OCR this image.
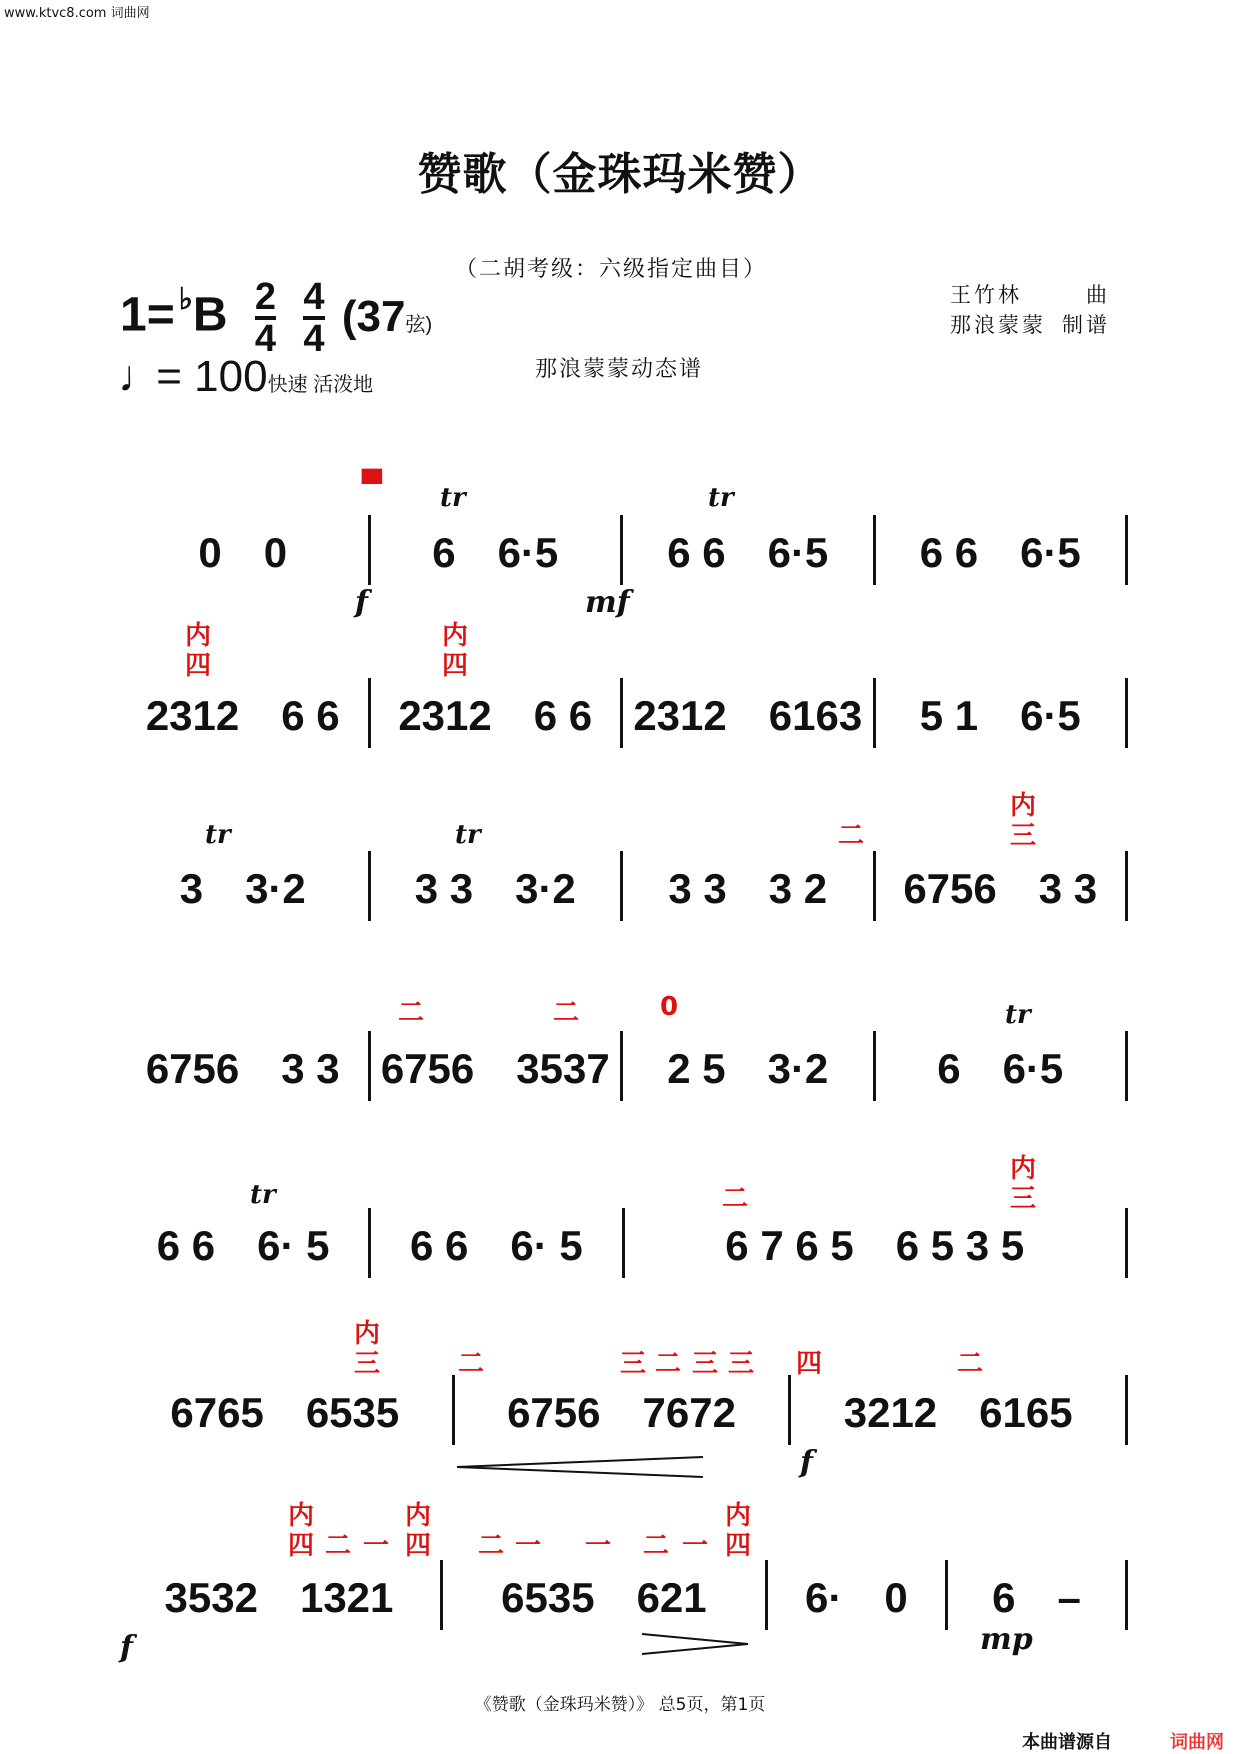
www.ktvc8.com 词曲网
赞歌（金珠玛米赞）
（二胡考级：六级指定曲目）
$1= ^♭B \frac{2}{4} \frac{4}{4} (37$弦)
♩ = 100快速 活泼地
王竹林	曲
那浪蒙蒙 制谱
那浪蒙蒙动态谱
tr	tr
▀
0　0	6　6·5	6 6　6·5	6 6　6·5
f	mf
内
四
内
四
2312　6 6	2312　6 6 2312　6163	5 1　6·5
tr	tr
内
三
二
3　3·2	3 3　3·2	3 3　3 2	6756　3 3
二	二	0	tr
6756　3 3 6756　3537	2 5　3·2	6　6·5
tr
内
三
二
6 6　6· 5	6 6　6· 5	6 7 6 5　6 5 3 5
内
三	二	三 二 三 三 四	二
6765　6535	6756　7672	3212　6165
f
内
四 二 一
内
四 二 一 一 二 一
内
四
3532　1321	6535　621	6·　0	6　–
f	mp
《赞歌（金珠玛米赞）》 总5页，第1页
本曲谱源自	词曲网
